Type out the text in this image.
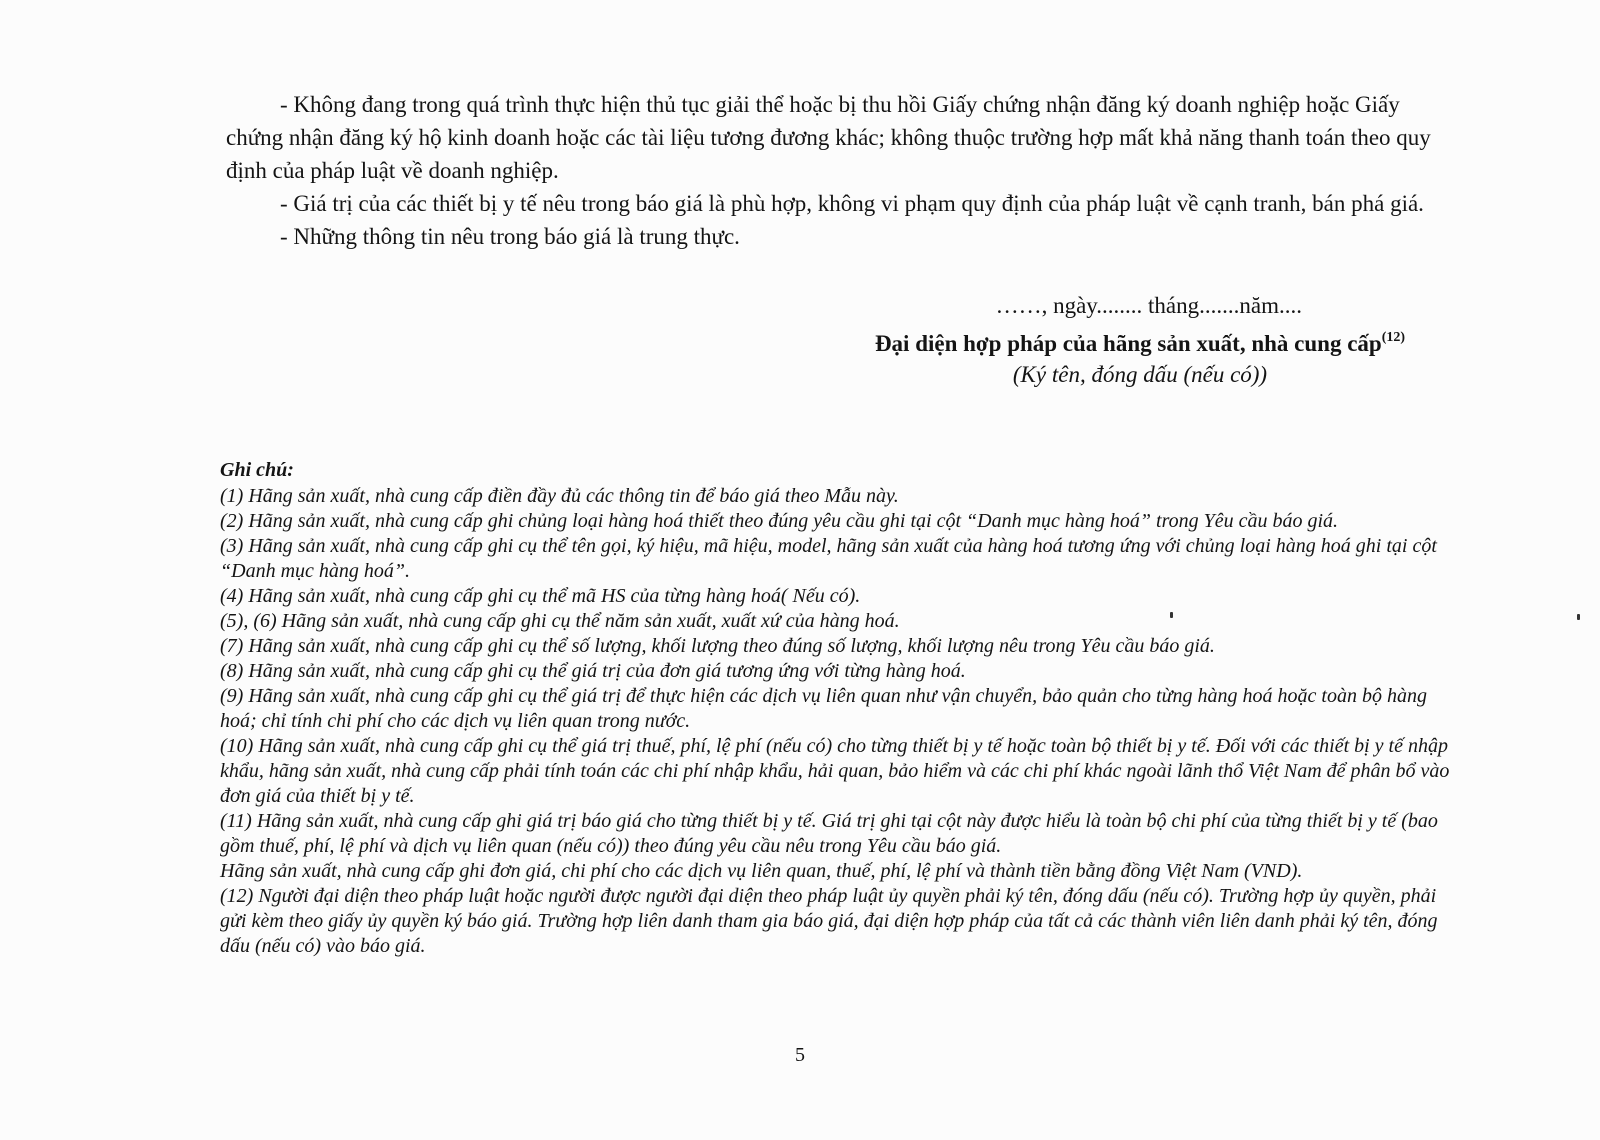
- Không đang trong quá trình thực hiện thủ tục giải thể hoặc bị thu hồi Giấy chứng nhận đăng ký doanh nghiệp hoặc Giấy chứng nhận đăng ký hộ kinh doanh hoặc các tài liệu tương đương khác; không thuộc trường hợp mất khả năng thanh toán theo quy định của pháp luật về doanh nghiệp.

- Giá trị của các thiết bị y tế nêu trong báo giá là phù hợp, không vi phạm quy định của pháp luật về cạnh tranh, bán phá giá.

- Những thông tin nêu trong báo giá là trung thực.

……, ngày........ tháng.......năm....
Đại diện hợp pháp của hãng sản xuất, nhà cung cấp$^{(12)}$
(Ký tên, đóng dấu (nếu có))
Ghi chú:
(1) Hãng sản xuất, nhà cung cấp điền đầy đủ các thông tin để báo giá theo Mẫu này.
(2) Hãng sản xuất, nhà cung cấp ghi chủng loại hàng hoá thiết theo đúng yêu cầu ghi tại cột “Danh mục hàng hoá” trong Yêu cầu báo giá.
(3) Hãng sản xuất, nhà cung cấp ghi cụ thể tên gọi, ký hiệu, mã hiệu, model, hãng sản xuất của hàng hoá tương ứng với chủng loại hàng hoá ghi tại cột “Danh mục hàng hoá”.
(4) Hãng sản xuất, nhà cung cấp ghi cụ thể mã HS của từng hàng hoá( Nếu có).
(5), (6) Hãng sản xuất, nhà cung cấp ghi cụ thể năm sản xuất, xuất xứ của hàng hoá.
(7) Hãng sản xuất, nhà cung cấp ghi cụ thể số lượng, khối lượng theo đúng số lượng, khối lượng nêu trong Yêu cầu báo giá.
(8) Hãng sản xuất, nhà cung cấp ghi cụ thể giá trị của đơn giá tương ứng với từng hàng hoá.
(9) Hãng sản xuất, nhà cung cấp ghi cụ thể giá trị để thực hiện các dịch vụ liên quan như vận chuyển, bảo quản cho từng hàng hoá hoặc toàn bộ hàng hoá; chỉ tính chi phí cho các dịch vụ liên quan trong nước.
(10) Hãng sản xuất, nhà cung cấp ghi cụ thể giá trị thuế, phí, lệ phí (nếu có) cho từng thiết bị y tế hoặc toàn bộ thiết bị y tế. Đối với các thiết bị y tế nhập khẩu, hãng sản xuất, nhà cung cấp phải tính toán các chi phí nhập khẩu, hải quan, bảo hiểm và các chi phí khác ngoài lãnh thổ Việt Nam để phân bổ vào đơn giá của thiết bị y tế.
(11) Hãng sản xuất, nhà cung cấp ghi giá trị báo giá cho từng thiết bị y tế. Giá trị ghi tại cột này được hiểu là toàn bộ chi phí của từng thiết bị y tế (bao gồm thuế, phí, lệ phí và dịch vụ liên quan (nếu có)) theo đúng yêu cầu nêu trong Yêu cầu báo giá.
Hãng sản xuất, nhà cung cấp ghi đơn giá, chi phí cho các dịch vụ liên quan, thuế, phí, lệ phí và thành tiền bằng đồng Việt Nam (VND).
(12) Người đại diện theo pháp luật hoặc người được người đại diện theo pháp luật ủy quyền phải ký tên, đóng dấu (nếu có). Trường hợp ủy quyền, phải gửi kèm theo giấy ủy quyền ký báo giá. Trường hợp liên danh tham gia báo giá, đại diện hợp pháp của tất cả các thành viên liên danh phải ký tên, đóng dấu (nếu có) vào báo giá.
5
